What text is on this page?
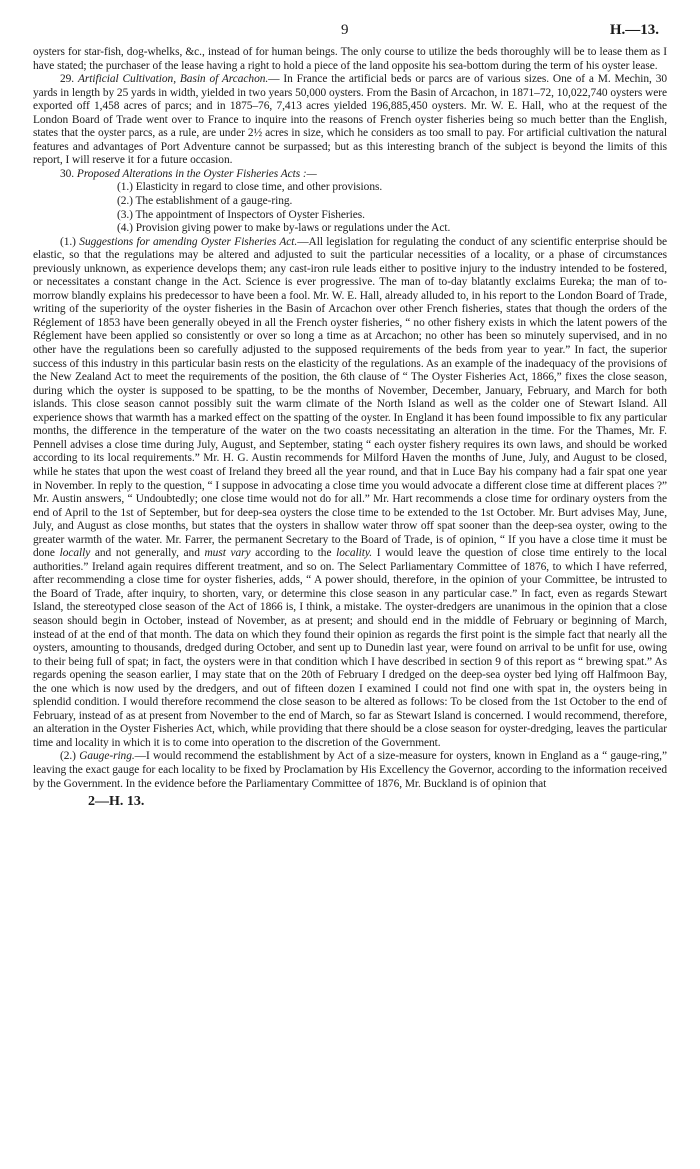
9	H.—13.

oysters for star-fish, dog-whelks, &c., instead of for human beings. The only course to utilize the beds thoroughly will be to lease them as I have stated; the purchaser of the lease having a right to hold a piece of the land opposite his sea-bottom during the term of his oyster lease.

29. Artificial Cultivation, Basin of Arcachon.— In France the artificial beds or parcs are of various sizes. One of a M. Mechin, 30 yards in length by 25 yards in width, yielded in two years 50,000 oysters. From the Basin of Arcachon, in 1871–72, 10,022,740 oysters were exported off 1,458 acres of parcs; and in 1875–76, 7,413 acres yielded 196,885,450 oysters. Mr. W. E. Hall, who at the request of the London Board of Trade went over to France to inquire into the reasons of French oyster fisheries being so much better than the English, states that the oyster parcs, as a rule, are under 2½ acres in size, which he considers as too small to pay. For artificial cultivation the natural features and advantages of Port Adventure cannot be surpassed; but as this interesting branch of the subject is beyond the limits of this report, I will reserve it for a future occasion.

30. Proposed Alterations in the Oyster Fisheries Acts :—

(1.) Elasticity in regard to close time, and other provisions.
(2.) The establishment of a gauge-ring.
(3.) The appointment of Inspectors of Oyster Fisheries.
(4.) Provision giving power to make by-laws or regulations under the Act.

(1.) Suggestions for amending Oyster Fisheries Act.—All legislation for regulating the conduct of any scientific enterprise should be elastic, so that the regulations may be altered and adjusted to suit the particular necessities of a locality, or a phase of circumstances previously unknown, as experience develops them; any cast-iron rule leads either to positive injury to the industry intended to be fostered, or necessitates a constant change in the Act. Science is ever progressive. The man of to-day blatantly exclaims Eureka; the man of to-morrow blandly explains his predecessor to have been a fool. Mr. W. E. Hall, already alluded to, in his report to the London Board of Trade, writing of the superiority of the oyster fisheries in the Basin of Arcachon over other French fisheries, states that though the orders of the Réglement of 1853 have been generally obeyed in all the French oyster fisheries, “ no other fishery exists in which the latent powers of the Réglement have been applied so consistently or over so long a time as at Arcachon; no other has been so minutely supervised, and in no other have the regulations been so carefully adjusted to the supposed requirements of the beds from year to year.” In fact, the superior success of this industry in this particular basin rests on the elasticity of the regulations. As an example of the inadequacy of the provisions of the New Zealand Act to meet the requirements of the position, the 6th clause of “ The Oyster Fisheries Act, 1866,” fixes the close season, during which the oyster is supposed to be spatting, to be the months of November, December, January, February, and March for both islands. This close season cannot possibly suit the warm climate of the North Island as well as the colder one of Stewart Island. All experience shows that warmth has a marked effect on the spatting of the oyster. In England it has been found impossible to fix any particular months, the difference in the temperature of the water on the two coasts necessitating an alteration in the time. For the Thames, Mr. F. Pennell advises a close time during July, August, and September, stating “ each oyster fishery requires its own laws, and should be worked according to its local requirements.” Mr. H. G. Austin recommends for Milford Haven the months of June, July, and August to be closed, while he states that upon the west coast of Ireland they breed all the year round, and that in Luce Bay his company had a fair spat one year in November. In reply to the question, “ I suppose in advocating a close time you would advocate a different close time at different places ?” Mr. Austin answers, “ Undoubtedly; one close time would not do for all.” Mr. Hart recommends a close time for ordinary oysters from the end of April to the 1st of September, but for deep-sea oysters the close time to be extended to the 1st October. Mr. Burt advises May, June, July, and August as close months, but states that the oysters in shallow water throw off spat sooner than the deep-sea oyster, owing to the greater warmth of the water. Mr. Farrer, the permanent Secretary to the Board of Trade, is of opinion, “ If you have a close time it must be done locally and not generally, and must vary according to the locality. I would leave the question of close time entirely to the local authorities.” Ireland again requires different treatment, and so on. The Select Parliamentary Committee of 1876, to which I have referred, after recommending a close time for oyster fisheries, adds, “ A power should, therefore, in the opinion of your Committee, be intrusted to the Board of Trade, after inquiry, to shorten, vary, or determine this close season in any particular case.” In fact, even as regards Stewart Island, the stereotyped close season of the Act of 1866 is, I think, a mistake. The oyster-dredgers are unanimous in the opinion that a close season should begin in October, instead of November, as at present; and should end in the middle of February or beginning of March, instead of at the end of that month. The data on which they found their opinion as regards the first point is the simple fact that nearly all the oysters, amounting to thousands, dredged during October, and sent up to Dunedin last year, were found on arrival to be unfit for use, owing to their being full of spat; in fact, the oysters were in that condition which I have described in section 9 of this report as “ brewing spat.” As regards opening the season earlier, I may state that on the 20th of February I dredged on the deep-sea oyster bed lying off Halfmoon Bay, the one which is now used by the dredgers, and out of fifteen dozen I examined I could not find one with spat in, the oysters being in splendid condition. I would therefore recommend the close season to be altered as follows: To be closed from the 1st October to the end of February, instead of as at present from November to the end of March, so far as Stewart Island is concerned. I would recommend, therefore, an alteration in the Oyster Fisheries Act, which, while providing that there should be a close season for oyster-dredging, leaves the particular time and locality in which it is to come into operation to the discretion of the Government.

(2.) Gauge-ring.—I would recommend the establishment by Act of a size-measure for oysters, known in England as a “ gauge-ring,” leaving the exact gauge for each locality to be fixed by Proclamation by His Excellency the Governor, according to the information received by the Government. In the evidence before the Parliamentary Committee of 1876, Mr. Buckland is of opinion that

2—H. 13.
